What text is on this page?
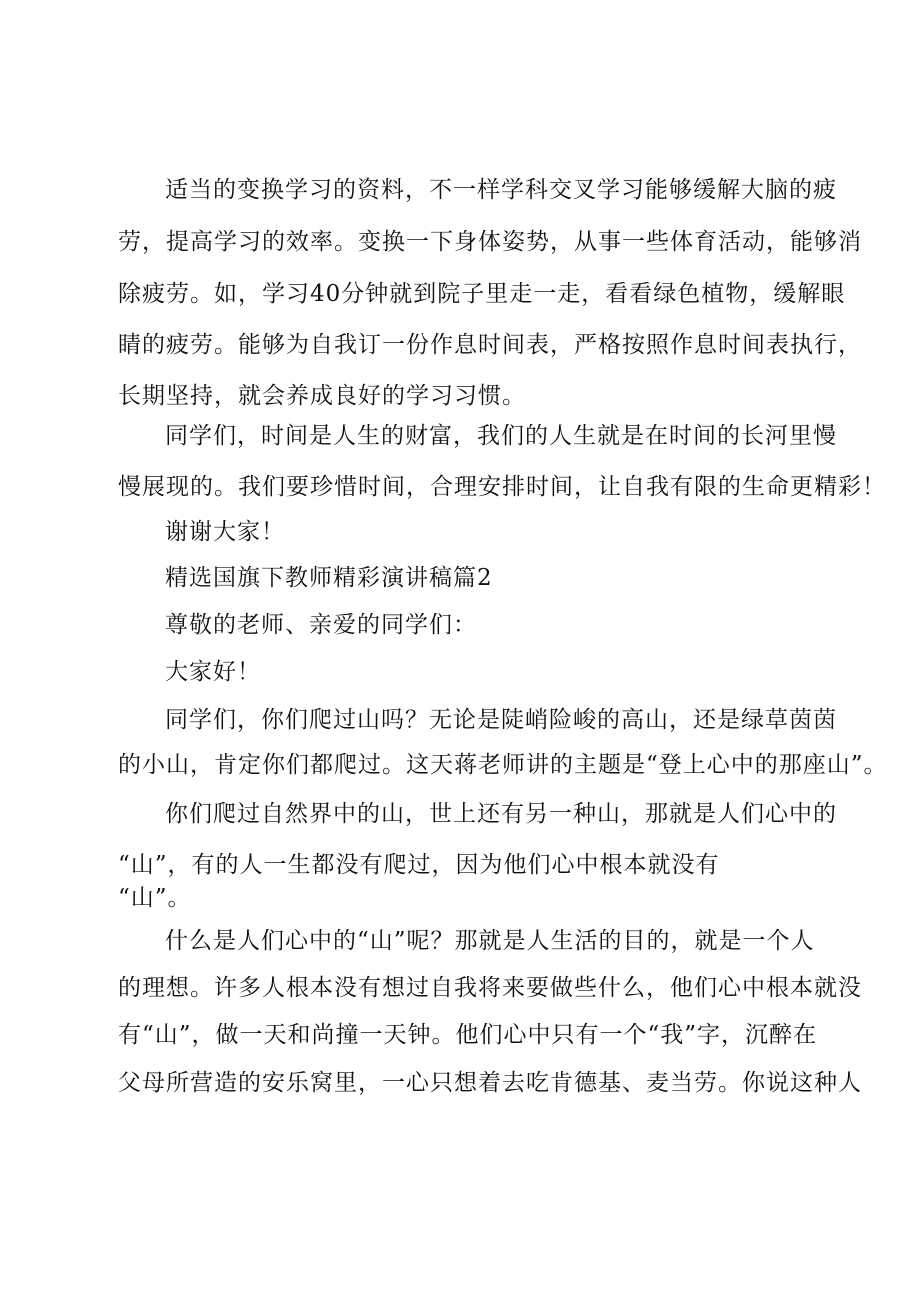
适当的变换学习的资料，不一样学科交叉学习能够缓解大脑的疲
劳，提高学习的效率。变换一下身体姿势，从事一些体育活动，能够消
除疲劳。如，学习40分钟就到院子里走一走，看看绿色植物，缓解眼
睛的疲劳。能够为自我订一份作息时间表，严格按照作息时间表执行，
长期坚持，就会养成良好的学习习惯。
同学们，时间是人生的财富，我们的人生就是在时间的长河里慢
慢展现的。我们要珍惜时间，合理安排时间，让自我有限的生命更精彩！
谢谢大家！
精选国旗下教师精彩演讲稿篇2
尊敬的老师、亲爱的同学们：
大家好！
同学们，你们爬过山吗？无论是陡峭险峻的高山，还是绿草茵茵
的小山，肯定你们都爬过。这天蒋老师讲的主题是“登上心中的那座山”。
你们爬过自然界中的山，世上还有另一种山，那就是人们心中的
“山”，有的人一生都没有爬过，因为他们心中根本就没有
“山”。
什么是人们心中的“山”呢？那就是人生活的目的，就是一个人
的理想。许多人根本没有想过自我将来要做些什么，他们心中根本就没
有“山”，做一天和尚撞一天钟。他们心中只有一个“我”字，沉醉在
父母所营造的安乐窝里，一心只想着去吃肯德基、麦当劳。你说这种人
